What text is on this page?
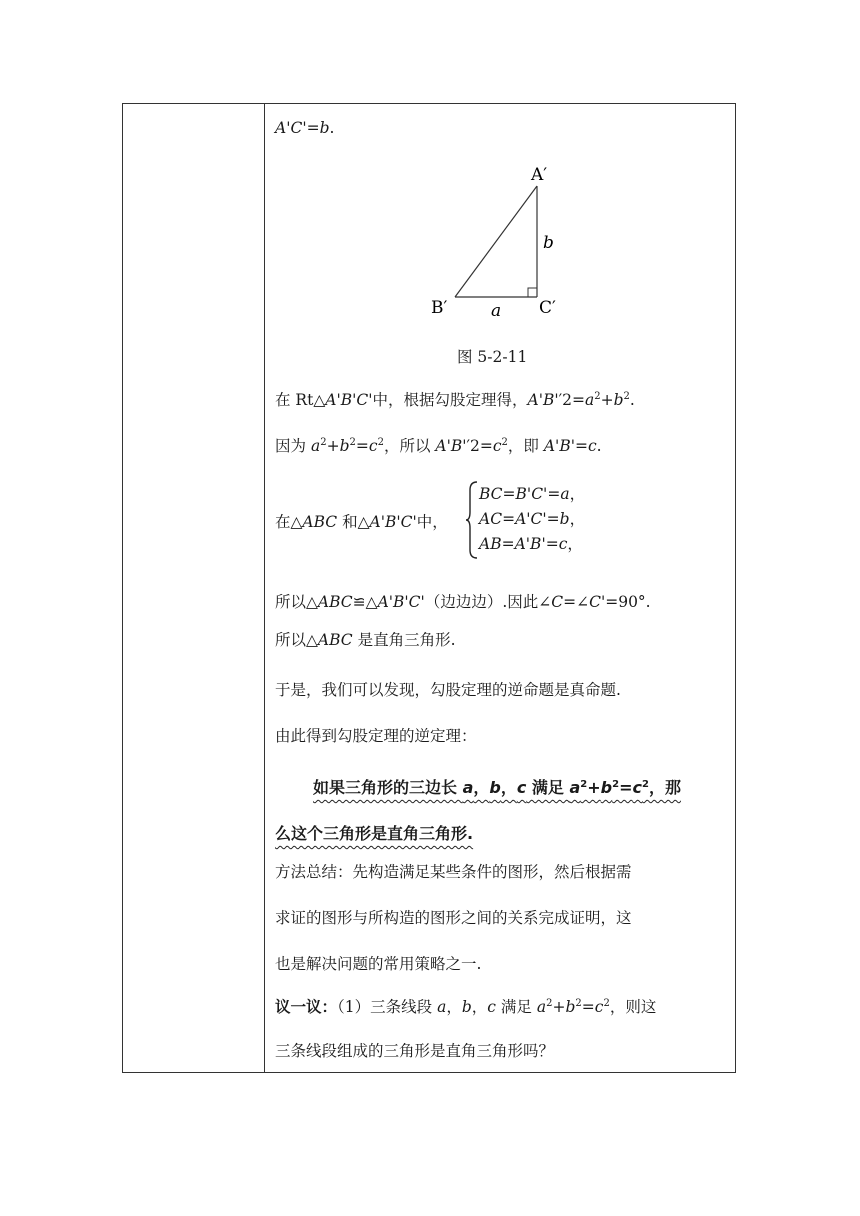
A'C'=b.
A′
B′	C′
a
b
图 5-2-11
在 Rt△A'B'C'中，根据勾股定理得，$A'B''2=a^2+b^2$.
因为 $a^2+b^2=c^2$，所以 $A'B''2=c^2$，即 A'B'=c.
在△ABC 和△A'B'C'中，
BC=B'C'=a，
AC=A'C'=b，
AB=A'B'=c，
所以△ABC≌△A'B'C'（边边边）.因此∠C=∠C'=90°.
所以△ABC 是直角三角形.
于是，我们可以发现，勾股定理的逆命题是真命题.
由此得到勾股定理的逆定理：
如果三角形的三边长 a，b，c 满足 $a^2+b^2=c^2$，那
么这个三角形是直角三角形.
方法总结：先构造满足某些条件的图形，然后根据需
求证的图形与所构造的图形之间的关系完成证明，这
也是解决问题的常用策略之一.
议一议：（1）三条线段 a，b，c 满足 $a^2+b^2=c^2$，则这
三条线段组成的三角形是直角三角形吗？
